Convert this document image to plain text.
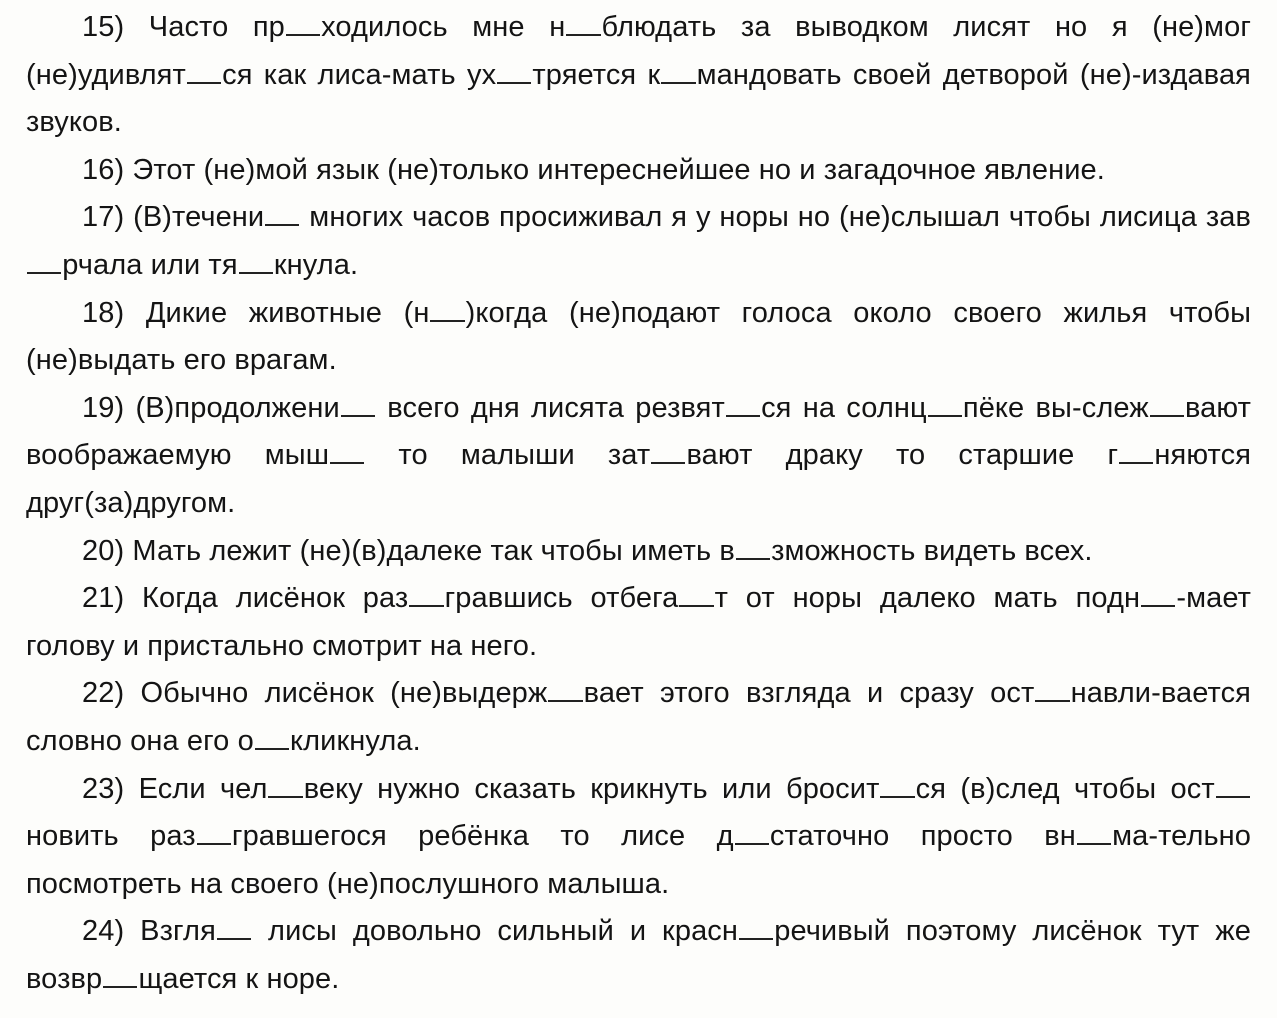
15) Часто пр ходилось мне н блюдать за выводком лисят но я (не)мог (не)удивлят ся как лиса-мать ух тряется к мандовать своей детворой (не)-издавая звуков.

16) Этот (не)мой язык (не)только интереснейшее но и загадочное явление.

17) (В)течени многих часов просиживал я у норы но (не)слышал чтобы лисица заврчала или тя кнула.

18) Дикие животные (н )когда (не)подают голоса около своего жилья чтобы (не)выдать его врагам.

19) (В)продолжени всего дня лисята резвят ся на солнц пёке вы-слеж вают воображаемую мыш то малыши зат вают драку то старшие г няются друг(за)другом.

20) Мать лежит (не)(в)далеке так чтобы иметь в зможность видеть всех.

21) Когда лисёнок раз гравшись отбега т от норы далеко мать подн -мает голову и пристально смотрит на него.

22) Обычно лисёнок (не)выдерж вает этого взгляда и сразу ост навли-вается словно она его о кликнула.

23) Если чел веку нужно сказать крикнуть или бросит ся (в)след чтобы остновить раз гравшегося ребёнка то лисе д статочно просто вн ма-тельно посмотреть на своего (не)послушного малыша.

24) Взгля лисы довольно сильный и красн речивый поэтому лисёнок тут же возвр щается к норе.
